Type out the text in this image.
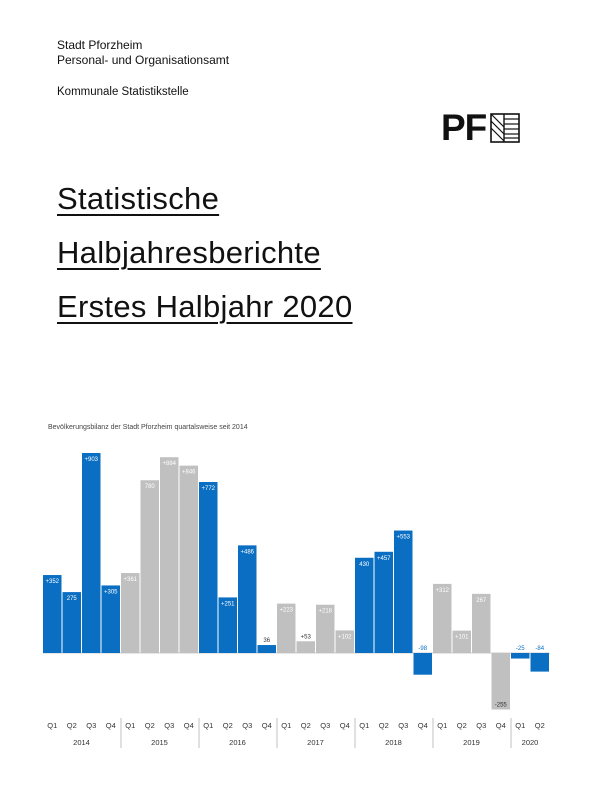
Stadt Pforzheim
Personal- und Organisationsamt
Kommunale Statistikstelle
PF
Statistische
Halbjahresberichte
Erstes Halbjahr 2020
Bevölkerungsbilanz der Stadt Pforzheim quartalsweise seit 2014
+352
Q1
275
Q2
+903
Q3
+305
Q4
+361
Q1
780
Q2
+884
Q3
+846
Q4
+772
Q1
+251
Q2
+486
Q3
36
Q4
+223
Q1
+53
Q2
+218
Q3
+102
Q4
430
Q1
+457
Q2
+553
Q3
-98
Q4
+312
Q1
+101
Q2
267
Q3
-255
Q4
-25
Q1
-84
Q2
2014	2015	2016	2017	2018	2019	2020
